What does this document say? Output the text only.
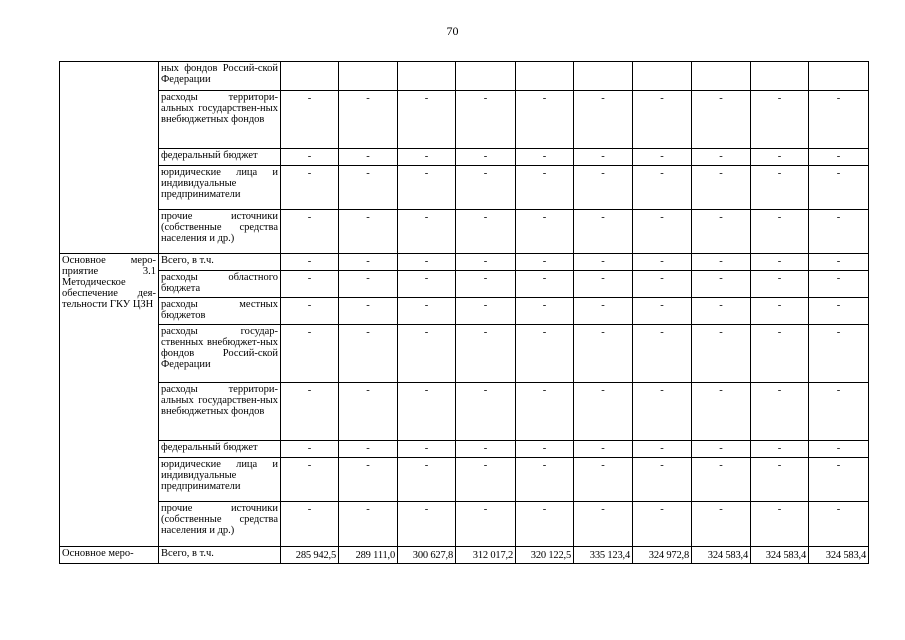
70
	ных фондов Россий-ской Федерации										
	расходы территори-альных государствен-ных внебюджетных фондов	-	-	-	-	-	-	-	-	-	-
	федеральный бюджет	-	-	-	-	-	-	-	-	-	-
	юридические лица и индивидуальные предприниматели	-	-	-	-	-	-	-	-	-	-
	прочие источники (собственные средства населения и др.)	-	-	-	-	-	-	-	-	-	-
Основное меро-приятие 3.1 Методическое обеспечение дея-тельности ГКУ ЦЗН	Всего, в т.ч.	-	-	-	-	-	-	-	-	-	-
	расходы областного бюджета	-	-	-	-	-	-	-	-	-	-
	расходы местных бюджетов	-	-	-	-	-	-	-	-	-	-
	расходы государ-ственных внебюджет-ных фондов Россий-ской Федерации	-	-	-	-	-	-	-	-	-	-
	расходы территори-альных государствен-ных внебюджетных фондов	-	-	-	-	-	-	-	-	-	-
	федеральный бюджет	-	-	-	-	-	-	-	-	-	-
	юридические лица и индивидуальные предприниматели	-	-	-	-	-	-	-	-	-	-
	прочие источники (собственные средства населения и др.)	-	-	-	-	-	-	-	-	-	-
Основное меро-	Всего, в т.ч.	285 942,5	289 111,0	300 627,8	312 017,2	320 122,5	335 123,4	324 972,8	324 583,4	324 583,4	324 583,4
